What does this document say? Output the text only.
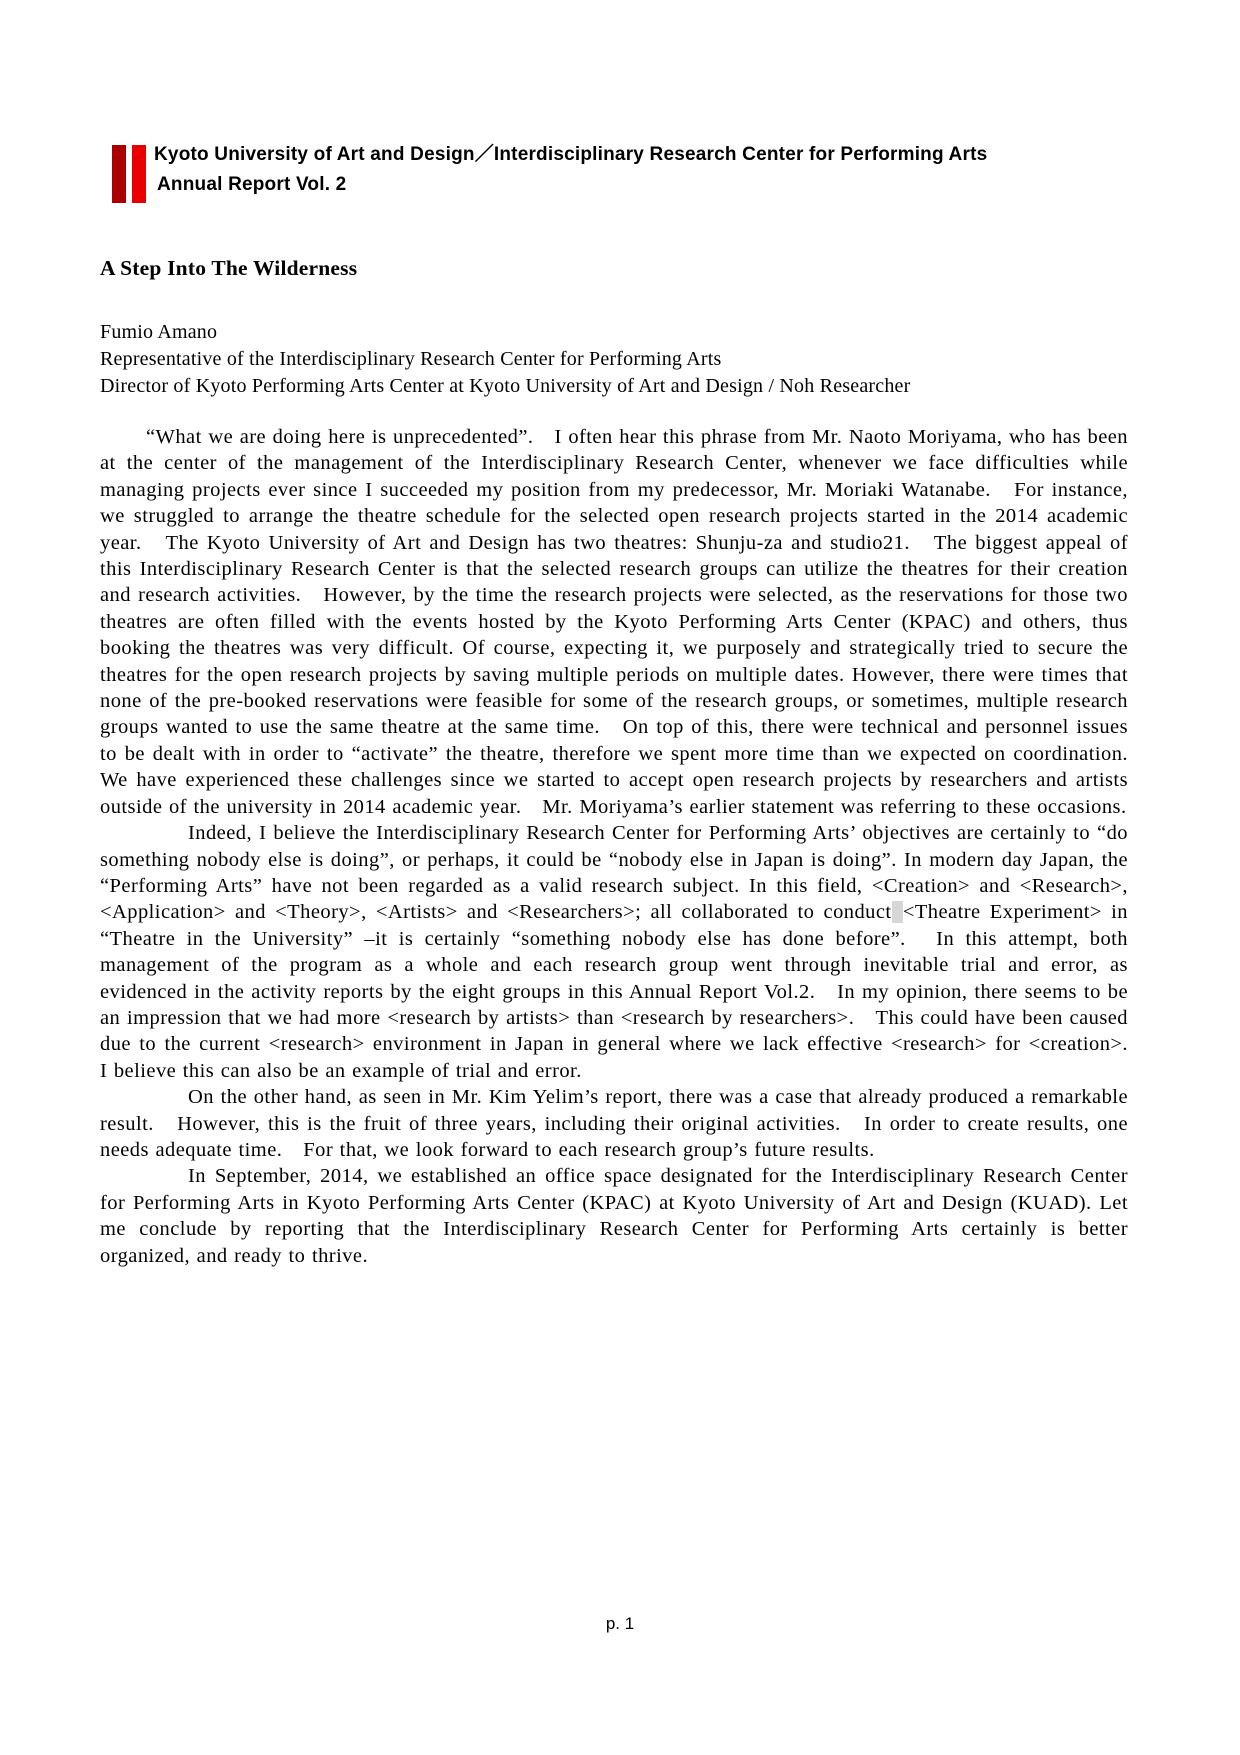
Kyoto University of Art and Design／Interdisciplinary Research Center for Performing Arts
Annual Report Vol. 2
A Step Into The Wilderness
Fumio Amano
Representative of the Interdisciplinary Research Center for Performing Arts
Director of Kyoto Performing Arts Center at Kyoto University of Art and Design / Noh Researcher

“What we are doing here is unprecedented”.　I often hear this phrase from Mr. Naoto Moriyama, who has been at the center of the management of the Interdisciplinary Research Center, whenever we face difficulties while managing projects ever since I succeeded my position from my predecessor, Mr. Moriaki Watanabe.　For instance, we struggled to arrange the theatre schedule for the selected open research projects started in the 2014 academic year.　The Kyoto University of Art and Design has two theatres: Shunju-za and studio21.　The biggest appeal of this Interdisciplinary Research Center is that the selected research groups can utilize the theatres for their creation and research activities.　However, by the time the research projects were selected, as the reservations for those two theatres are often filled with the events hosted by the Kyoto Performing Arts Center (KPAC) and others, thus booking the theatres was very difficult. Of course, expecting it, we purposely and strategically tried to secure the theatres for the open research projects by saving multiple periods on multiple dates. However, there were times that none of the pre-booked reservations were feasible for some of the research groups, or sometimes, multiple research groups wanted to use the same theatre at the same time.　On top of this, there were technical and personnel issues to be dealt with in order to “activate” the theatre, therefore we spent more time than we expected on coordination.　We have experienced these challenges since we started to accept open research projects by researchers and artists outside of the university in 2014 academic year.　Mr. Moriyama’s earlier statement was referring to these occasions.

Indeed, I believe the Interdisciplinary Research Center for Performing Arts’ objectives are certainly to “do something nobody else is doing”, or perhaps, it could be “nobody else in Japan is doing”. In modern day Japan, the “Performing Arts” have not been regarded as a valid research subject. In this field, <Creation> and <Research>, <Application> and <Theory>, <Artists> and <Researchers>; all collaborated to conduct <Theatre Experiment> in “Theatre in the University” –it is certainly “something nobody else has done before”.　In this attempt, both management of the program as a whole and each research group went through inevitable trial and error, as evidenced in the activity reports by the eight groups in this Annual Report Vol.2.　In my opinion, there seems to be an impression that we had more <research by artists> than <research by researchers>.　This could have been caused due to the current <research> environment in Japan in general where we lack effective <research> for <creation>.　I believe this can also be an example of trial and error.

On the other hand, as seen in Mr. Kim Yelim’s report, there was a case that already produced a remarkable result.　However, this is the fruit of three years, including their original activities.　In order to create results, one needs adequate time.　For that, we look forward to each research group’s future results.

In September, 2014, we established an office space designated for the Interdisciplinary Research Center for Performing Arts in Kyoto Performing Arts Center (KPAC) at Kyoto University of Art and Design (KUAD). Let me conclude by reporting that the Interdisciplinary Research Center for Performing Arts certainly is better organized, and ready to thrive.

p. 1
